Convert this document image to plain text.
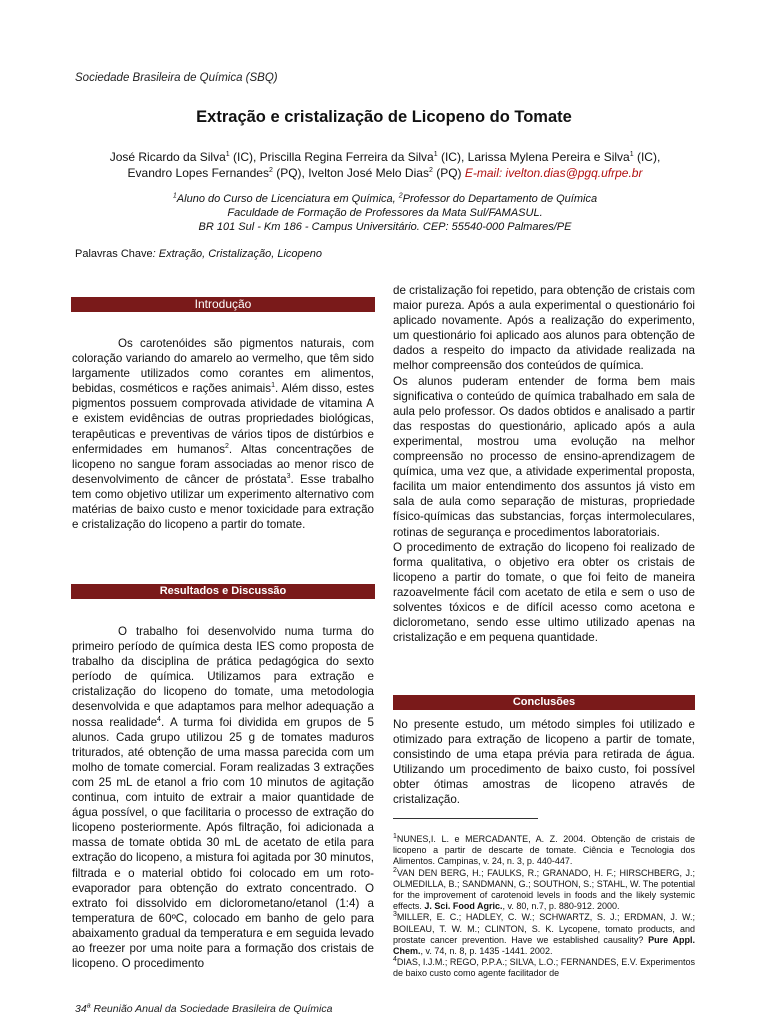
Sociedade Brasileira de Química (SBQ)
Extração e cristalização de Licopeno do Tomate
José Ricardo da Silva$^1$ (IC), Priscilla Regina Ferreira da Silva$^1$ (IC), Larissa Mylena Pereira e Silva$^1$ (IC),
Evandro Lopes Fernandes$^2$ (PQ), Ivelton José Melo Dias$^2$ (PQ) E-mail: ivelton.dias@pgq.ufrpe.br
$^1$Aluno do Curso de Licenciatura em Química, $^2$Professor do Departamento de Química
Faculdade de Formação de Professores da Mata Sul/FAMASUL.
BR 101 Sul - Km 186 - Campus Universitário. CEP: 55540-000 Palmares/PE
Palavras Chave: Extração, Cristalização, Licopeno
Introdução

Os carotenóides são pigmentos naturais, com coloração variando do amarelo ao vermelho, que têm sido largamente utilizados como corantes em alimentos, bebidas, cosméticos e rações animais$^1$. Além disso, estes pigmentos possuem comprovada atividade de vitamina A e existem evidências de outras propriedades biológicas, terapêuticas e preventivas de vários tipos de distúrbios e enfermidades em humanos$^2$. Altas concentrações de licopeno no sangue foram associadas ao menor risco de desenvolvimento de câncer de próstata$^3$. Esse trabalho tem como objetivo utilizar um experimento alternativo com matérias de baixo custo e menor toxicidade para extração e cristalização do licopeno a partir do tomate.

Resultados e Discussão

O trabalho foi desenvolvido numa turma do primeiro período de química desta IES como proposta de trabalho da disciplina de prática pedagógica do sexto período de química. Utilizamos para extração e cristalização do licopeno do tomate, uma metodologia desenvolvida e que adaptamos para melhor adequação a nossa realidade$^4$. A turma foi dividida em grupos de 5 alunos. Cada grupo utilizou 25 g de tomates maduros triturados, até obtenção de uma massa parecida com um molho de tomate comercial. Foram realizadas 3 extrações com 25 mL de etanol a frio com 10 minutos de agitação continua, com intuito de extrair a maior quantidade de água possível, o que facilitaria o processo de extração do licopeno posteriormente. Após filtração, foi adicionada a massa de tomate obtida 30 mL de acetato de etila para extração do licopeno, a mistura foi agitada por 30 minutos, filtrada e o material obtido foi colocado em um roto-evaporador para obtenção do extrato concentrado. O extrato foi dissolvido em diclorometano/etanol (1:4) a temperatura de 60ºC, colocado em banho de gelo para abaixamento gradual da temperatura e em seguida levado ao freezer por uma noite para a formação dos cristais de licopeno. O procedimento

de cristalização foi repetido, para obtenção de cristais com maior pureza. Após a aula experimental o questionário foi aplicado novamente. Após a realização do experimento, um questionário foi aplicado aos alunos para obtenção de dados a respeito do impacto da atividade realizada na melhor compreensão dos conteúdos de química.

Os alunos puderam entender de forma bem mais significativa o conteúdo de química trabalhado em sala de aula pelo professor. Os dados obtidos e analisado a partir das respostas do questionário, aplicado após a aula experimental, mostrou uma evolução na melhor compreensão no processo de ensino-aprendizagem de química, uma vez que, a atividade experimental proposta, facilita um maior entendimento dos assuntos já visto em sala de aula como separação de misturas, propriedade físico-químicas das substancias, forças intermoleculares, rotinas de segurança e procedimentos laboratoriais.

O procedimento de extração do licopeno foi realizado de forma qualitativa, o objetivo era obter os cristais de licopeno a partir do tomate, o que foi feito de maneira razoavelmente fácil com acetato de etila e sem o uso de solventes tóxicos e de difícil acesso como acetona e diclorometano, sendo esse ultimo utilizado apenas na cristalização e em pequena quantidade.

Conclusões

No presente estudo, um método simples foi utilizado e otimizado para extração de licopeno a partir de tomate, consistindo de uma etapa prévia para retirada de água. Utilizando um procedimento de baixo custo, foi possível obter ótimas amostras de licopeno através de cristalização.

$^1$NUNES,I. L. e MERCADANTE, A. Z. 2004. Obtenção de cristais de licopeno a partir de descarte de tomate. Ciência e Tecnologia dos Alimentos. Campinas, v. 24, n. 3, p. 440-447.

$^2$VAN DEN BERG, H.; FAULKS, R.; GRANADO, H. F.; HIRSCHBERG, J.; OLMEDILLA, B.; SANDMANN, G.; SOUTHON, S.; STAHL, W. The potential for the improvement of carotenoid levels in foods and the likely systemic effects. J. Sci. Food Agric., v. 80, n.7, p. 880-912. 2000.

$^3$MILLER, E. C.; HADLEY, C. W.; SCHWARTZ, S. J.; ERDMAN, J. W.; BOILEAU, T. W. M.; CLINTON, S. K. Lycopene, tomato products, and prostate cancer prevention. Have we established causality? Pure Appl. Chem., v. 74, n. 8, p. 1435 -1441. 2002.

$^4$DIAS, I.J.M.; REGO, P.P.A.; SILVA, L.O.; FERNANDES, E.V. Experimentos de baixo custo como agente facilitador de

34$^a$ Reunião Anual da Sociedade Brasileira de Química
